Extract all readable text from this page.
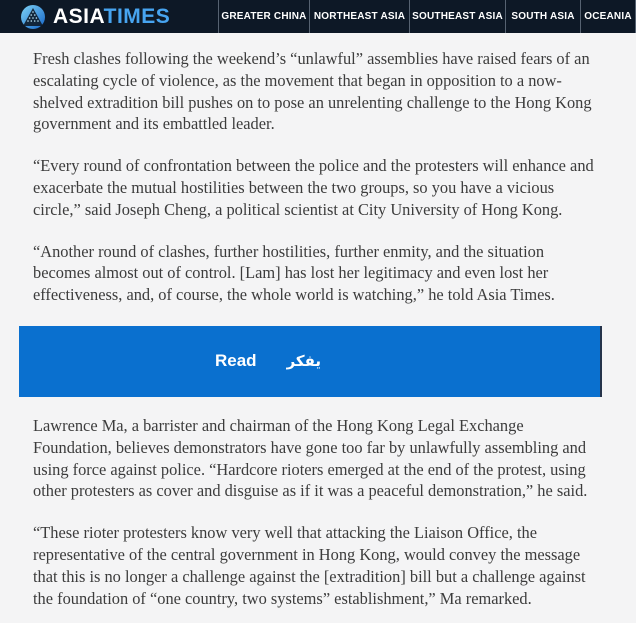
ASIATIMES	GREATER CHINA NORTHEAST ASIA SOUTHEAST ASIA SOUTH ASIA OCEANIA

Fresh clashes following the weekend’s “unlawful” assemblies have raised fears of an escalating cycle of violence, as the movement that began in opposition to a now-shelved extradition bill pushes on to pose an unrelenting challenge to the Hong Kong government and its embattled leader.

“Every round of confrontation between the police and the protesters will enhance and exacerbate the mutual hostilities between the two groups, so you have a vicious circle,” said Joseph Cheng, a political scientist at City University of Hong Kong.

“Another round of clashes, further hostilities, further enmity, and the situation becomes almost out of control. [Lam] has lost her legitimacy and even lost her effectiveness, and, of course, the whole world is watching,” he told Asia Times.

Read يفكر

Lawrence Ma, a barrister and chairman of the Hong Kong Legal Exchange Foundation, believes demonstrators have gone too far by unlawfully assembling and using force against police. “Hardcore rioters emerged at the end of the protest, using other protesters as cover and disguise as if it was a peaceful demonstration,” he said.

“These rioter protesters know very well that attacking the Liaison Office, the representative of the central government in Hong Kong, would convey the message that this is no longer a challenge against the [extradition] bill but a challenge against the foundation of “one country, two systems” establishment,” Ma remarked.
